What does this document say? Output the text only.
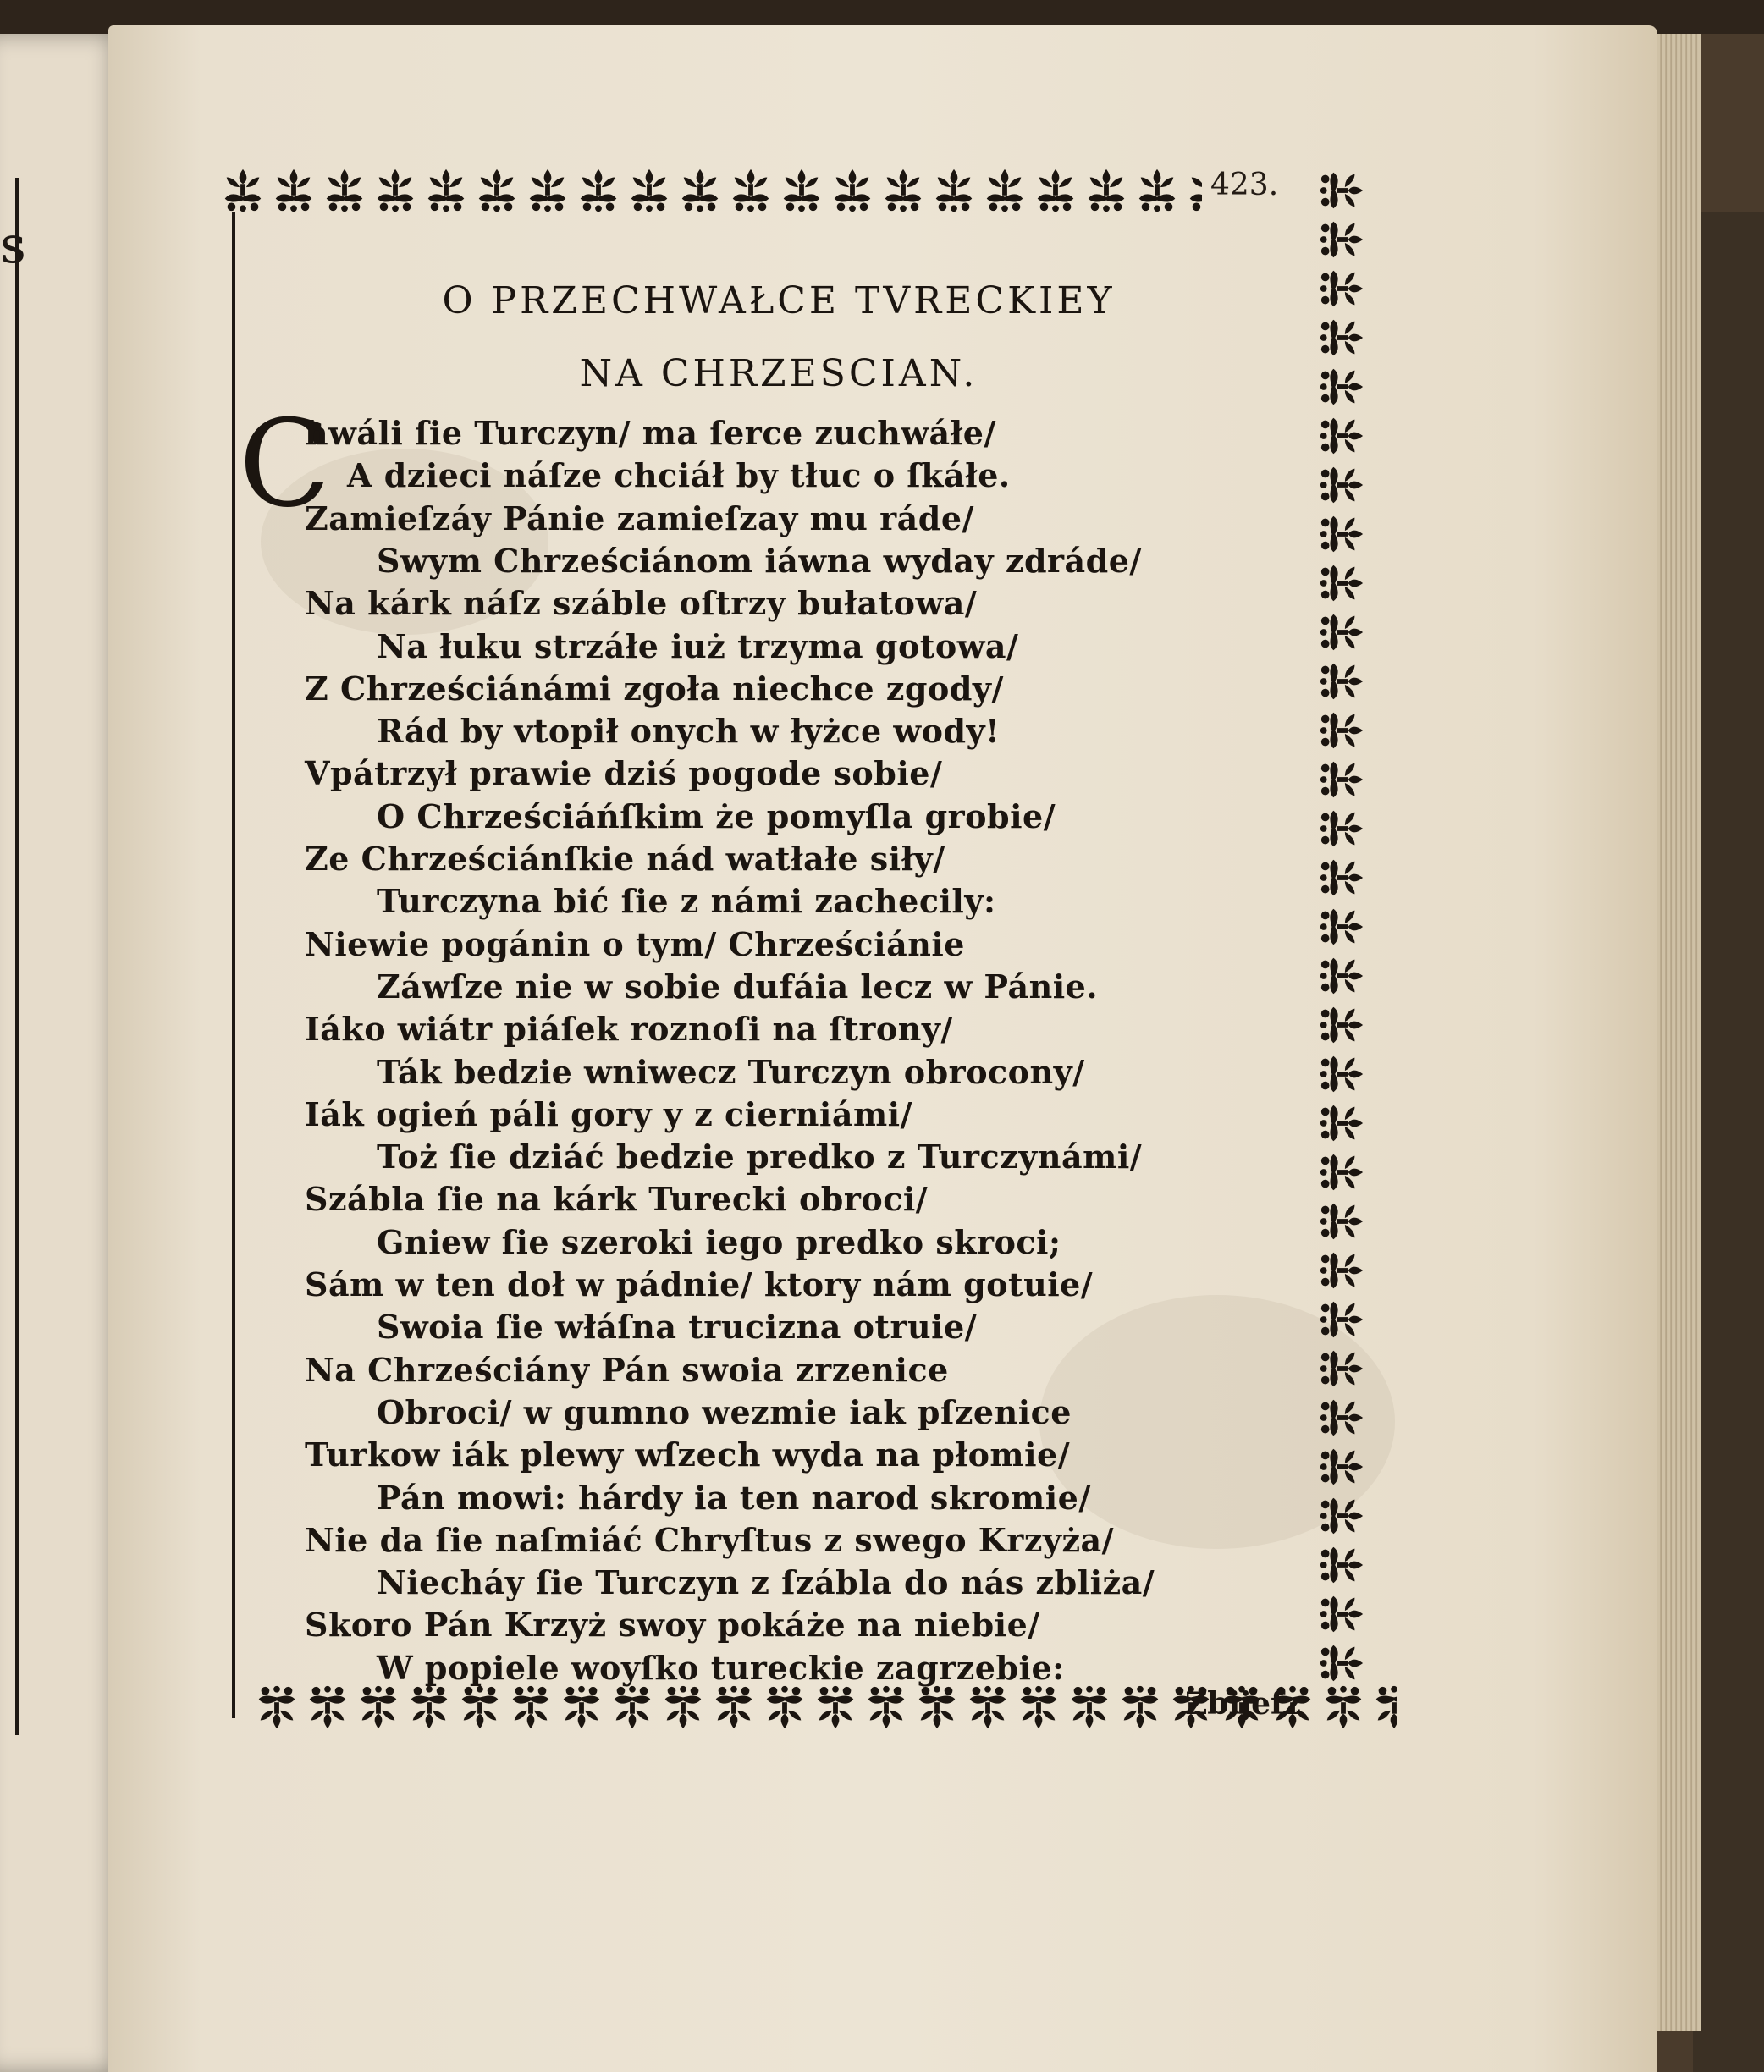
s
423.
O PRZECHWAŁCE TVRECKIEY
NA CHRZESCIAN.
C
hwáli ſie Turczyn/ ma ſerce zuchwáłe/
A dzieci náſze chciáł by tłuc o ſkáłe.
Zamieſzáy Pánie zamieſzay mu ráde/
Swym Chrześciánom iáwna wyday zdráde/
Na kárk náſz száble oſtrzy bułatowa/
Na łuku strzáłe iuż trzyma gotowa/
Z Chrześciánámi zgoła niechce zgody/
Rád by vtopił onych w łyżce wody!
Vpátrzył prawie dziś pogode sobie/
O Chrześciáńſkim że pomyſla grobie/
Ze Chrześciánſkie nád watłałe siły/
Turczyna bić ſie z námi zachecily:
Niewie pogánin o tym/ Chrześciánie
Záwſze nie w sobie dufáia lecz w Pánie.
Iáko wiátr piáſek roznoſi na ſtrony/
Ták bedzie wniwecz Turczyn obrocony/
Iák ogień páli gory y z cierniámi/
Toż ſie dziáć bedzie predko z Turczynámi/
Szábla ſie na kárk Turecki obroci/
Gniew ſie szeroki iego predko skroci;
Sám w ten doł w pádnie/ ktory nám gotuie/
Swoia ſie włáſna trucizna otruie/
Na Chrześciány Pán swoia zrzenice
Obroci/ w gumno wezmie iak pſzenice
Turkow iák plewy wſzech wyda na płomie/
Pán mowi: hárdy ia ten narod skromie/
Nie da ſie naſmiáć Chryſtus z swego Krzyża/
Niecháy ſie Turczyn z ſzábla do nás zbliża/
Skoro Pán Krzyż swoy pokáże na niebie/
W popiele woyſko tureckie zagrzebie:
Zbijeſz
